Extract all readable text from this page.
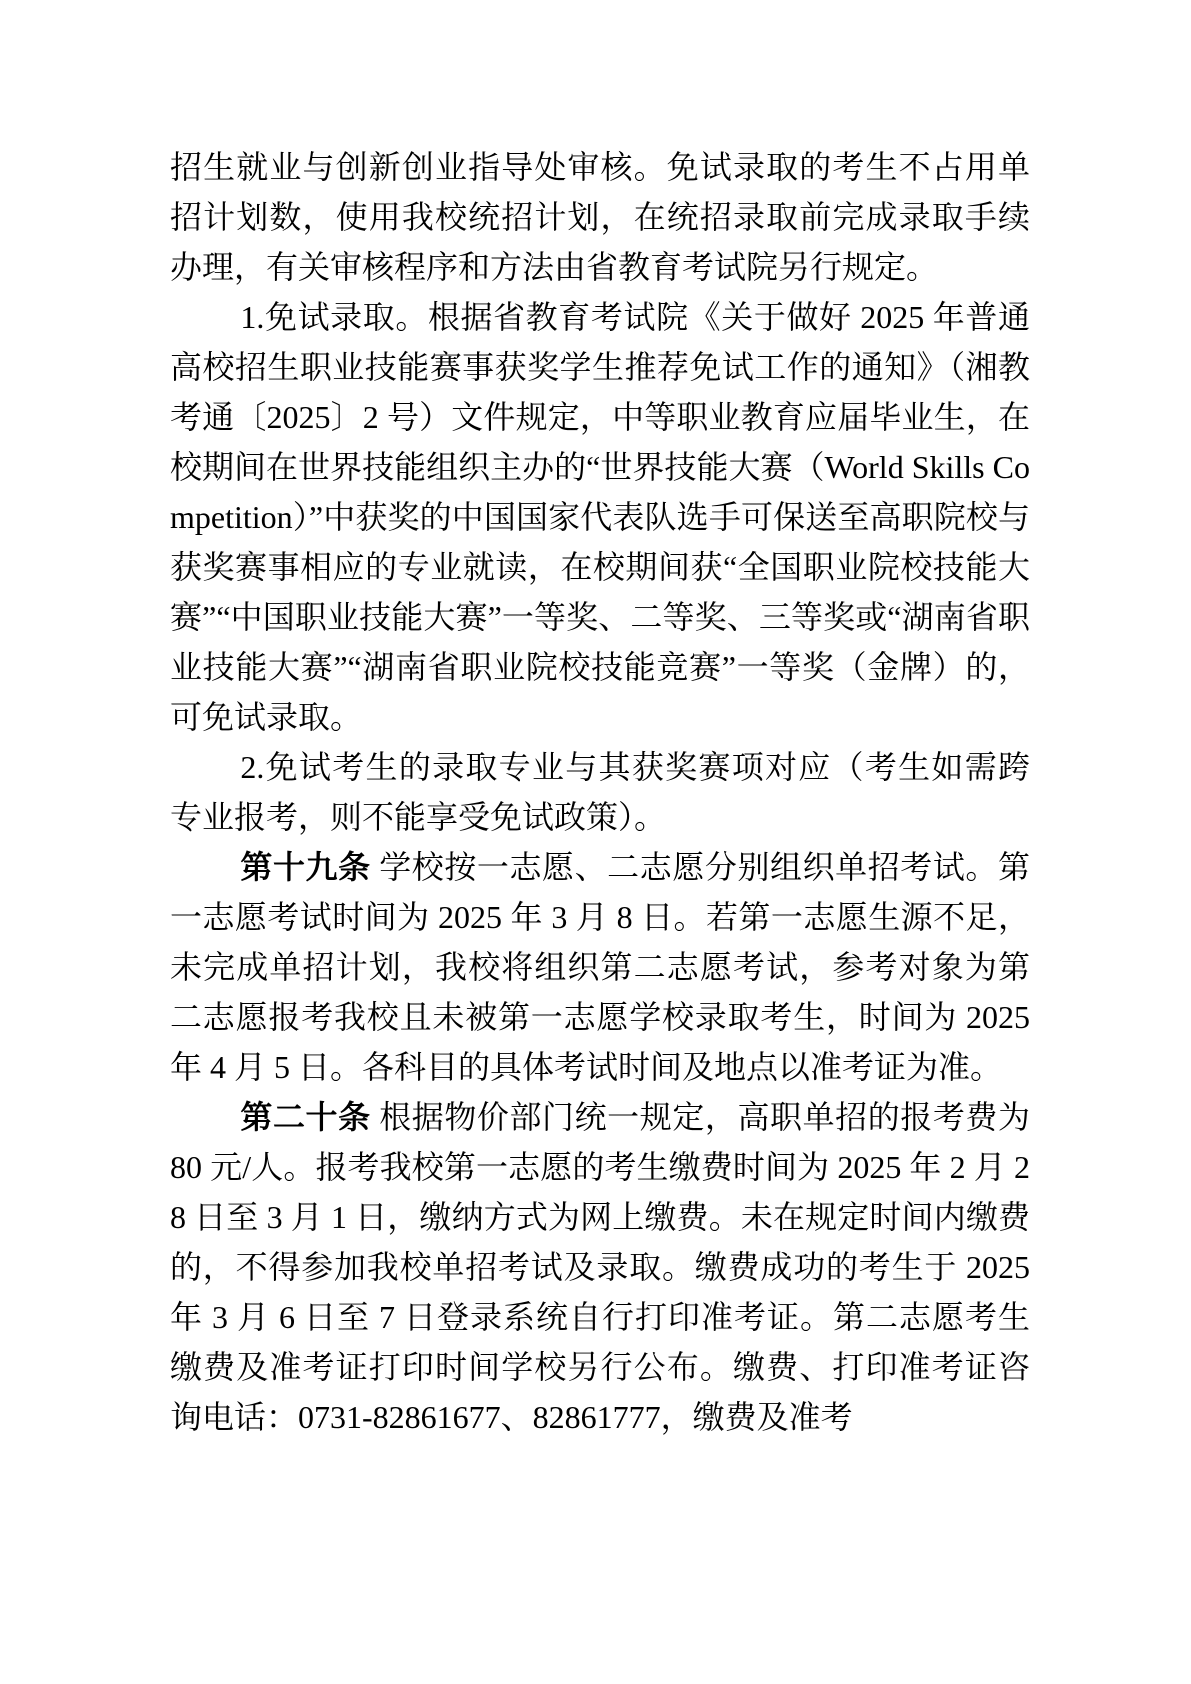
招生就业与创新创业指导处审核。免试录取的考生不占用单招计划数，使用我校统招计划，在统招录取前完成录取手续办理，有关审核程序和方法由省教育考试院另行规定。

1.免试录取。根据省教育考试院《关于做好 2025 年普通高校招生职业技能赛事获奖学生推荐免试工作的通知》（湘教考通〔2025〕2 号）文件规定，中等职业教育应届毕业生，在校期间在世界技能组织主办的“世界技能大赛（World Skills Competition）”中获奖的中国国家代表队选手可保送至高职院校与获奖赛事相应的专业就读，在校期间获“全国职业院校技能大赛”“中国职业技能大赛”一等奖、二等奖、三等奖或“湖南省职业技能大赛”“湖南省职业院校技能竞赛”一等奖（金牌）的，可免试录取。

2.免试考生的录取专业与其获奖赛项对应（考生如需跨专业报考，则不能享受免试政策）。

第十九条 学校按一志愿、二志愿分别组织单招考试。第一志愿考试时间为 2025 年 3 月 8 日。若第一志愿生源不足，未完成单招计划，我校将组织第二志愿考试，参考对象为第二志愿报考我校且未被第一志愿学校录取考生，时间为 2025 年 4 月 5 日。各科目的具体考试时间及地点以准考证为准。

第二十条 根据物价部门统一规定，高职单招的报考费为 80 元/人。报考我校第一志愿的考生缴费时间为 2025 年 2 月 28 日至 3 月 1 日，缴纳方式为网上缴费。未在规定时间内缴费的，不得参加我校单招考试及录取。缴费成功的考生于 2025 年 3 月 6 日至 7 日登录系统自行打印准考证。第二志愿考生缴费及准考证打印时间学校另行公布。缴费、打印准考证咨询电话：0731-82861677、82861777，缴费及准考
